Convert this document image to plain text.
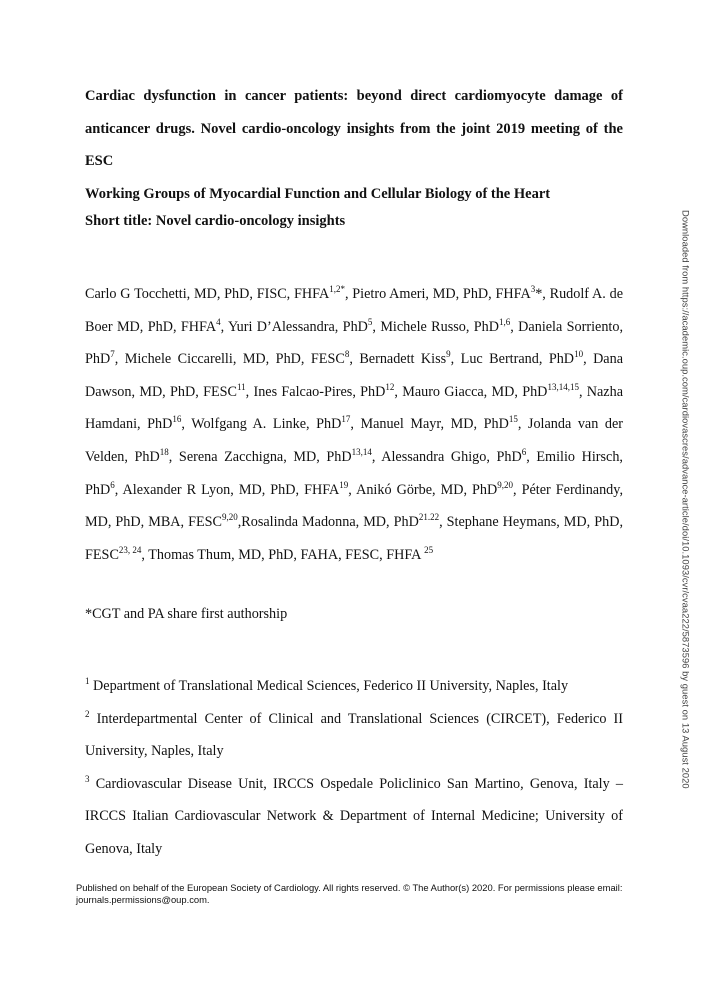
Cardiac dysfunction in cancer patients: beyond direct cardiomyocyte damage of
anticancer drugs. Novel cardio-oncology insights from the joint 2019 meeting of the ESC
Working Groups of Myocardial Function and Cellular Biology of the Heart

Short title: Novel cardio-oncology insights

Carlo G Tocchetti, MD, PhD, FISC, $FHFA^{1,2*}$, Pietro Ameri, MD, PhD, FHFA$^3$*, Rudolf A. de
Boer MD, PhD, FHFA$^4$, Yuri D’Alessandra, PhD$^5$, Michele Russo, PhD$^{1,6}$, Daniela Sorriento,
PhD$^7$, Michele Ciccarelli, MD, PhD, FESC$^8$, Bernadett Kiss$^9$, Luc Bertrand, PhD$^{10}$, Dana
Dawson, MD, PhD, FESC$^{11}$, Ines Falcao-Pires, PhD$^{12}$, Mauro Giacca, MD, PhD$^{13,14,15}$, Nazha
Hamdani, PhD$^{16}$, Wolfgang A. Linke, PhD$^{17}$, Manuel Mayr, MD, PhD$^{15}$, Jolanda van der
Velden, PhD$^{18}$, Serena Zacchigna, MD, PhD$^{13,14}$, Alessandra Ghigo, PhD$^6$, Emilio Hirsch,
PhD$^6$, Alexander R Lyon, MD, PhD, FHFA$^{19}$, Anikó Görbe, MD, PhD$^{9,20}$, Péter Ferdinandy,
MD, PhD, MBA, FESC$^{9,20}$,Rosalinda Madonna, MD, PhD$^{21.22}$, Stephane Heymans, MD, PhD,
FESC$^{23, 24}$, Thomas Thum, MD, PhD, FAHA, FESC, FHFA $^{25}$

*CGT and PA share first authorship

$^1$ Department of Translational Medical Sciences, Federico II University, Naples, Italy
$^2$ Interdepartmental Center of Clinical and Translational Sciences (CIRCET), Federico II
University, Naples, Italy
$^3$ Cardiovascular Disease Unit, IRCCS Ospedale Policlinico San Martino, Genova, Italy –
IRCCS Italian Cardiovascular Network & Department of Internal Medicine; University of
Genova, Italy
Published on behalf of the European Society of Cardiology. All rights reserved. © The Author(s) 2020. For permissions please email:
journals.permissions@oup.com.
Downloaded from https://academic.oup.com/cardiovascres/advance-article/doi/10.1093/cvr/cvaa222/5873596 by guest on 13 August 2020
